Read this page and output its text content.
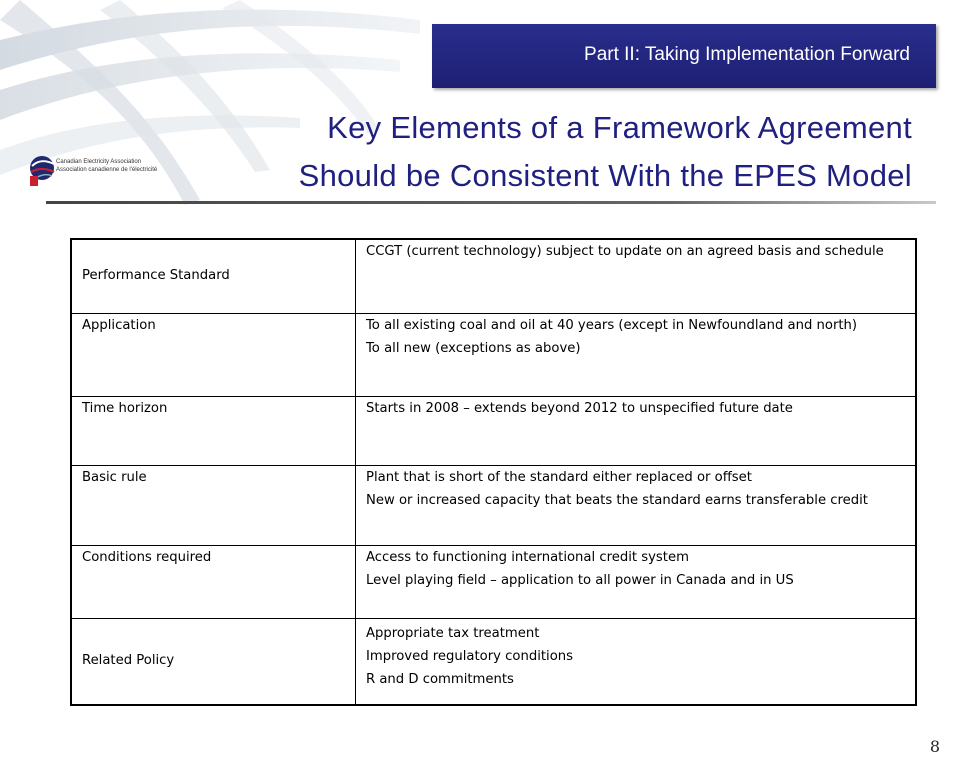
Part II: Taking Implementation Forward
Canadian Electricity Association
Association canadienne de l'électricité
Key Elements of a Framework Agreement
Should be Consistent With the EPES Model
Performance Standard	CCGT (current technology) subject to update on an agreed basis and schedule

Application	To all existing coal and oil at 40 years (except in Newfoundland and north)

To all new (exceptions as above)

Time horizon	Starts in 2008 – extends beyond 2012 to unspecified future date

Basic rule	Plant that is short of the standard either replaced or offset

New or increased capacity that beats the standard earns transferable credit

Conditions required	Access to functioning international credit system

Level playing field – application to all power in Canada and in US

Related Policy	Appropriate tax treatment

Improved regulatory conditions

R and D commitments

8
